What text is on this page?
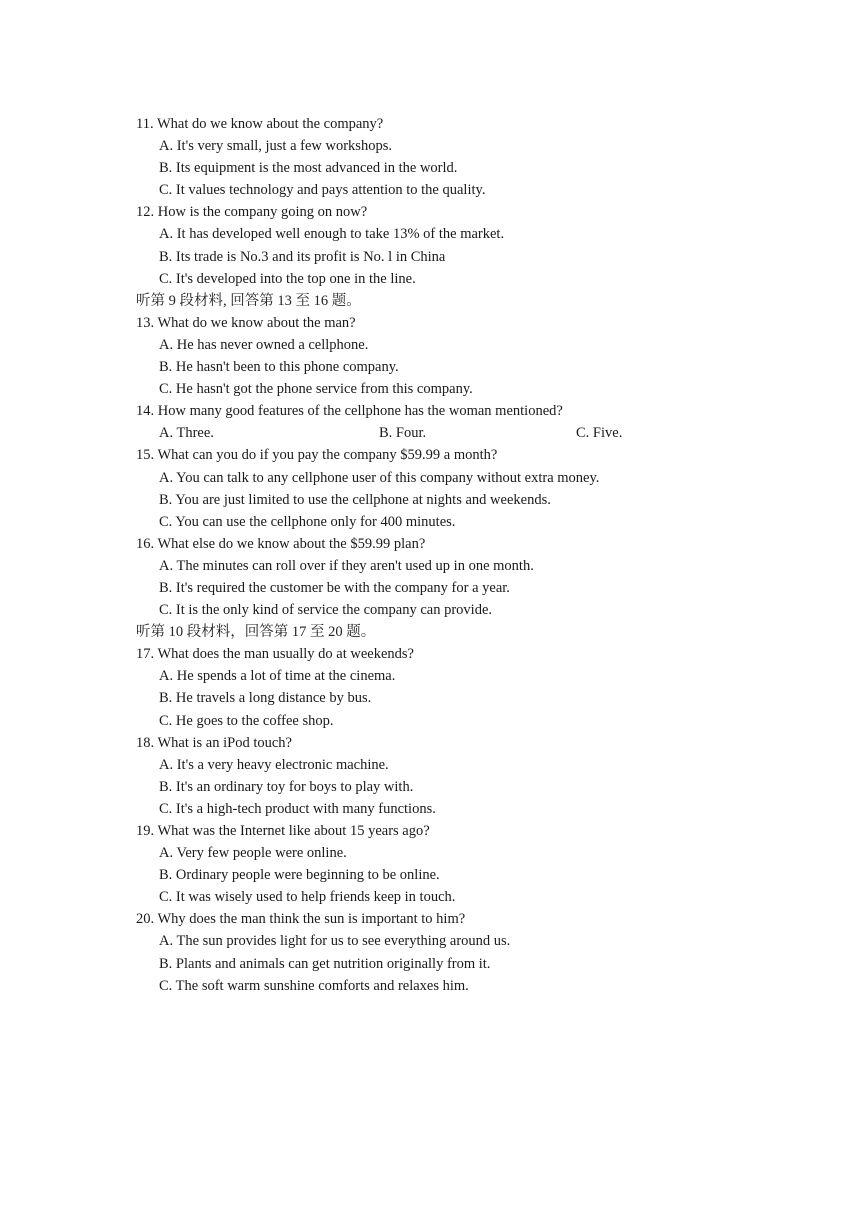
11. What do we know about the company?
A. It's very small, just a few workshops.
B. Its equipment is the most advanced in the world.
C. It values technology and pays attention to the quality.
12. How is the company going on now?
A. It has developed well enough to take 13% of the market.
B. Its trade is No.3 and its profit is No. l in China
C. It's developed into the top one in the line.
听第 9 段材料, 回答第 13 至 16 题。
13. What do we know about the man?
A. He has never owned a cellphone.
B. He hasn't been to this phone company.
C. He hasn't got the phone service from this company.
14. How many good features of the cellphone has the woman mentioned?
A. Three.	B. Four.	C. Five.
15. What can you do if you pay the company $59.99 a month?
A. You can talk to any cellphone user of this company without extra money.
B. You are just limited to use the cellphone at nights and weekends.
C. You can use the cellphone only for 400 minutes.
16. What else do we know about the $59.99 plan?
A. The minutes can roll over if they aren't used up in one month.
B. It's required the customer be with the company for a year.
C. It is the only kind of service the company can provide.
听第 10 段材料，回答第 17 至 20 题。
17. What does the man usually do at weekends?
A. He spends a lot of time at the cinema.
B. He travels a long distance by bus.
C. He goes to the coffee shop.
18. What is an iPod touch?
A. It's a very heavy electronic machine.
B. It's an ordinary toy for boys to play with.
C. It's a high-tech product with many functions.
19. What was the Internet like about 15 years ago?
A. Very few people were online.
B. Ordinary people were beginning to be online.
C. It was wisely used to help friends keep in touch.
20. Why does the man think the sun is important to him?
A. The sun provides light for us to see everything around us.
B. Plants and animals can get nutrition originally from it.
C. The soft warm sunshine comforts and relaxes him.
